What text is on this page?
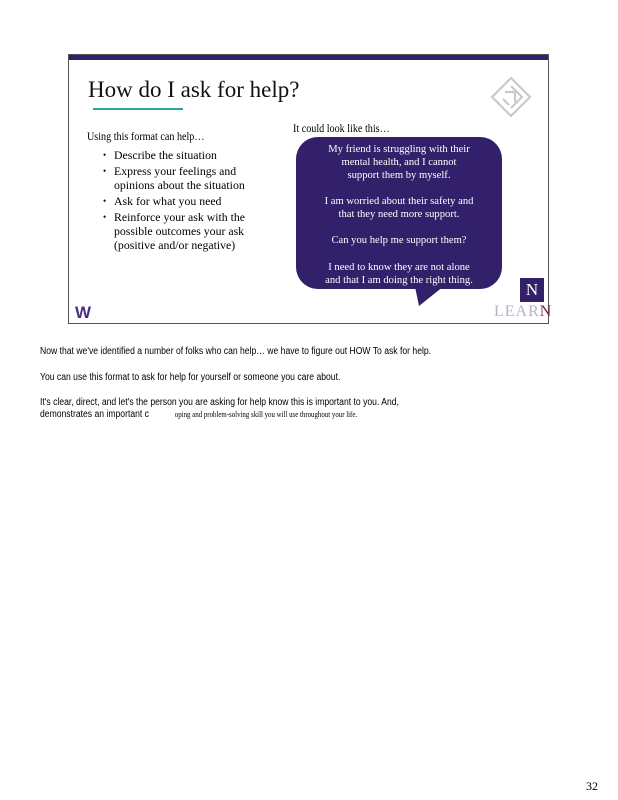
How do I ask for help?
Using this format can help…
• Describe the situation
• Express your feelings and
opinions about the situation
• Ask for what you need
• Reinforce your ask with the
possible outcomes your ask
(positive and/or negative)
It could look like this…

My friend is struggling with their
mental health, and I cannot
support them by myself.

I am worried about their safety and
that they need more support.

Can you help me support them?

I need to know they are not alone
and that I am doing the right thing.

W
N
LEARN
Now that we've identified a number of folks who can help… we have to figure out HOW To ask for help.
You can use this format to ask for help for yourself or someone you care about.
It's clear, direct, and let's the person you are asking for help know this is important to you. And,
demonstrates an important c	oping and problem-solving skill you will use throughout your life.
32
